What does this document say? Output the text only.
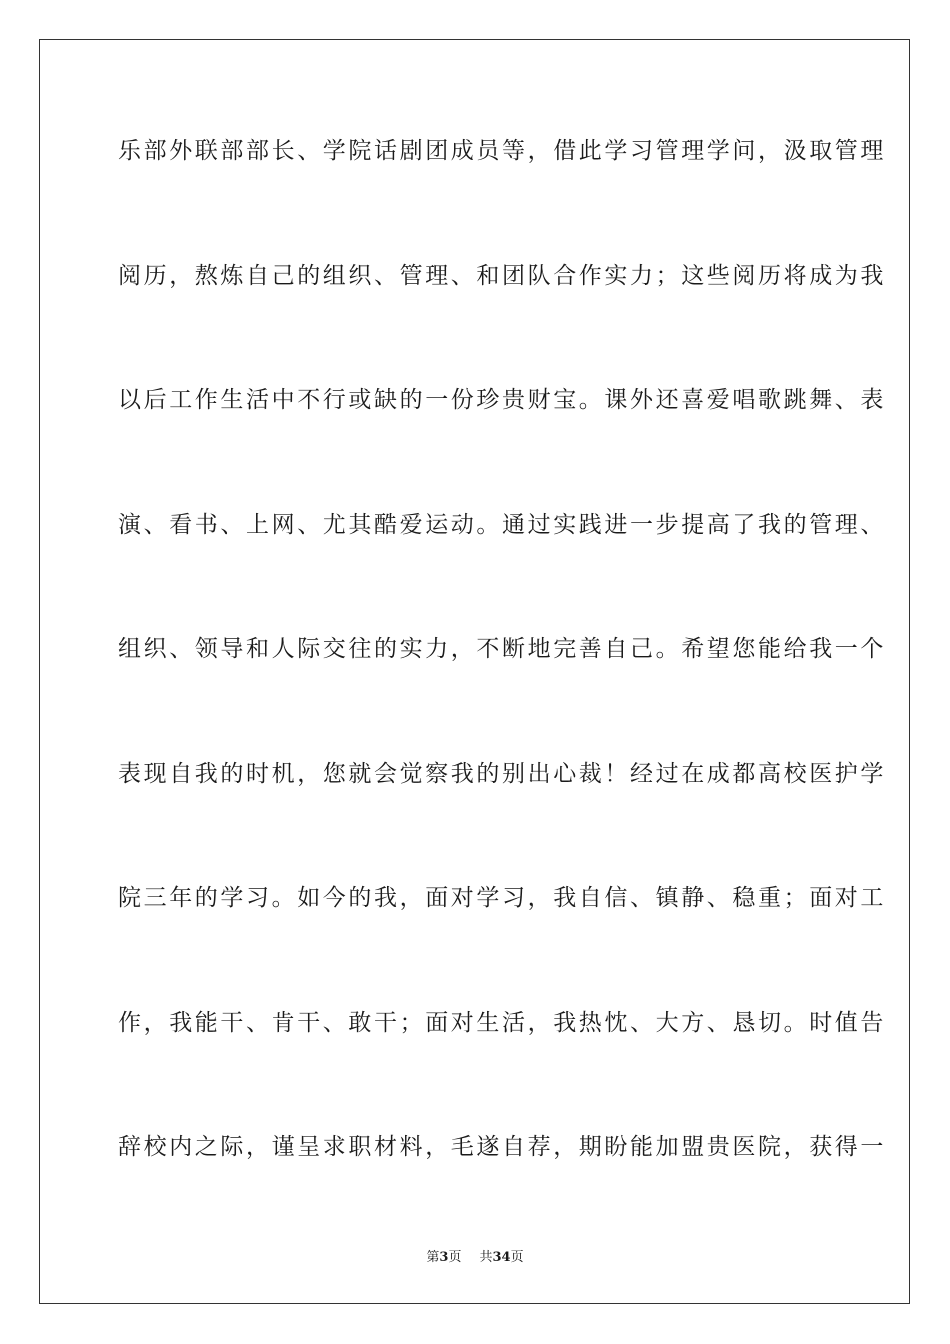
乐部外联部部长、学院话剧团成员等，借此学习管理学问，汲取管理
阅历，熬炼自己的组织、管理、和团队合作实力；这些阅历将成为我
以后工作生活中不行或缺的一份珍贵财宝。课外还喜爱唱歌跳舞、表
演、看书、上网、尤其酷爱运动。通过实践进一步提高了我的管理、
组织、领导和人际交往的实力，不断地完善自己。希望您能给我一个
表现自我的时机，您就会觉察我的别出心裁！经过在成都高校医护学
院三年的学习。如今的我，面对学习，我自信、镇静、稳重；面对工
作，我能干、肯干、敢干；面对生活，我热忱、大方、恳切。时值告
辞校内之际，谨呈求职材料，毛遂自荐，期盼能加盟贵医院，获得一
第3页 共34页
